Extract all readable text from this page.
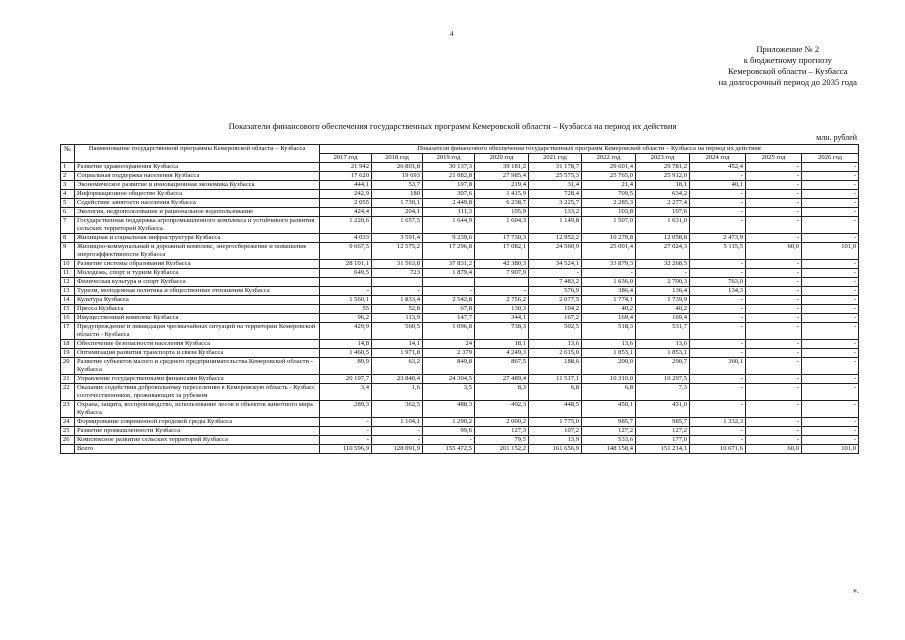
4
Приложение № 2
к бюджетному прогнозу
Кемеровской области – Кузбасса
на долгосрочный период до 2035 года
Показатели финансового обеспечения государственных программ Кемеровской области – Кузбасса на период их действия
млн. рублей
№	Наименование государственной программы Кемеровской области – Кузбасса	Показатели финансового обеспечения государственных программ Кемеровской области – Кузбасса на период их действия									
		2017 год	2018 год	2019 год	2020 год	2021 год	2022 год	2023 год	2024 год	2025 год	2026 год
1	Развитие здравоохранения Кузбасса	21 942	26 801,8	30 137,3	39 181,2	31 178,7	29 601,4	29 781,2	452,4	-	-
2	Социальная поддержка населения Кузбасса	17 620	19 693	21 082,8	27 985,4	25 575,3	25 765,0	25 912,0	-	-	-
3	Экономическое развитие и инновационная экономика Кузбасса	444,1	53,7	197,8	219,4	31,4	21,4	18,1	40,1	-	-
4	Информационное общество Кузбасса	242,9	180	307,6	1 415,9	728,4	709,5	634,2	-	-	-
5	Содействие занятости населения Кузбасса	2 055	1 730,1	2 449,8	6 238,7	3 225,7	2 285,3	2 277,4	-	-	-
6	Экология, недропользование и рациональное водопользование	424,4	204,1	111,3	105,9	133,2	103,8	107,6	-	-	-
7	Государственная поддержка агропромышленного комплекса и устойчивого развития сельских территорий Кузбасса	1 220,6	1 657,5	1 644,9	1 604,3	1 149,8	1 507,0	1 631,0	-	-	-
8	Жилищная и социальная инфраструктура Кузбасса	4 033	3 591,4	9 239,6	17 730,3	12 952,2	10 279,8	12 058,8	2 473,9	-	-
9	Жилищно-коммунальный и дорожный комплекс, энергосбережение и повышение энергоэффективности Кузбасса	9 667,5	12 575,2	17 296,8	17 082,1	24 560,9	25 001,4	27 024,3	5 115,5	60,0	101,0
10	Развитие системы образования Кузбасса	28 101,1	31 563,8	37 831,2	42 380,3	34 524,1	33 879,3	32 268,5	-	-	-
11	Молодежь, спорт и туризм Кузбасса	649,5	723	1 879,4	7 907,9	-	-	-	-	-	-
12	Физическая культура и спорт Кузбасса					7 483,2	1 636,0	2 700,3	763,0	-	-
13	Туризм, молодежная политика и общественные отношения Кузбасса	-	-	-	-	576,9	386,4	136,4	134,3	-	-
14	Культура Кузбасса	1 560,1	1 833,4	2 542,8	2 756,2	2 077,5	1 774,1	1 739,9	-	-	-
15	Пресса Кузбасса	55	52,8	67,8	130,3	104,2	40,2	40,2	-	-	-
16	Имущественный комплекс Кузбасса	96,2	113,9	147,7	344,1	167,2	169,4	169,4	-	-	-
17	Предупреждение и ликвидация чрезвычайных ситуаций на территории Кемеровской области - Кузбасса	429,9	560,5	1 096,8	738,3	502,5	518,3	531,7	-	-	-
18	Обеспечение безопасности населения Кузбасса	14,8	14,1	24	18,1	13,6	13,6	13,6	-	-	-
19	Оптимизация развития транспорта и связи Кузбасса	1 460,5	1 971,8	2 379	4 249,3	2 615,0	1 853,1	1 853,1	-	-	-
20	Развитие субъектов малого и среднего предпринимательства Кемеровской области - Кузбасса	89,9	63,2	849,8	867,5	188,6	200,0	290,7	360,1	-	-
21	Управление государственными финансами Кузбасса	20 197,7	23 840,4	24 304,5	27 489,4	11 517,1	10 310,0	10 297,5	-	-	-
22	Оказание содействия добровольному переселению в Кемеровскую область - Кузбасс соотечественников, проживающих за рубежом	3,4	1,6	3,5	8,3	6,8	6,8	7,3	-	-	-
23	Охрана, защита, воспроизводство, использование лесов и объектов животного мира Кузбасса	289,3	362,5	488,3	492,3	448,5	450,1	431,0	-	-	-
24	Формирование современной городской среды Кузбасса	-	1 104,1	1 290,2	2 000,2	1 775,0	985,7	985,7	1 332,3	-	-
25	Развитие промышленности Кузбасса	-	-	99,6	127,3	107,2	127,2	127,2	-	-	-
26	Комплексное развитие сельских территорий Кузбасса	-	-	-	79,5	13,9	533,6	177,0	-	-	-
	Всего	110 596,9	128 091,9	155 472,5	201 152,2	161 656,9	148 158,4	151 214,1	10 671,6	60,0	101,0
».
